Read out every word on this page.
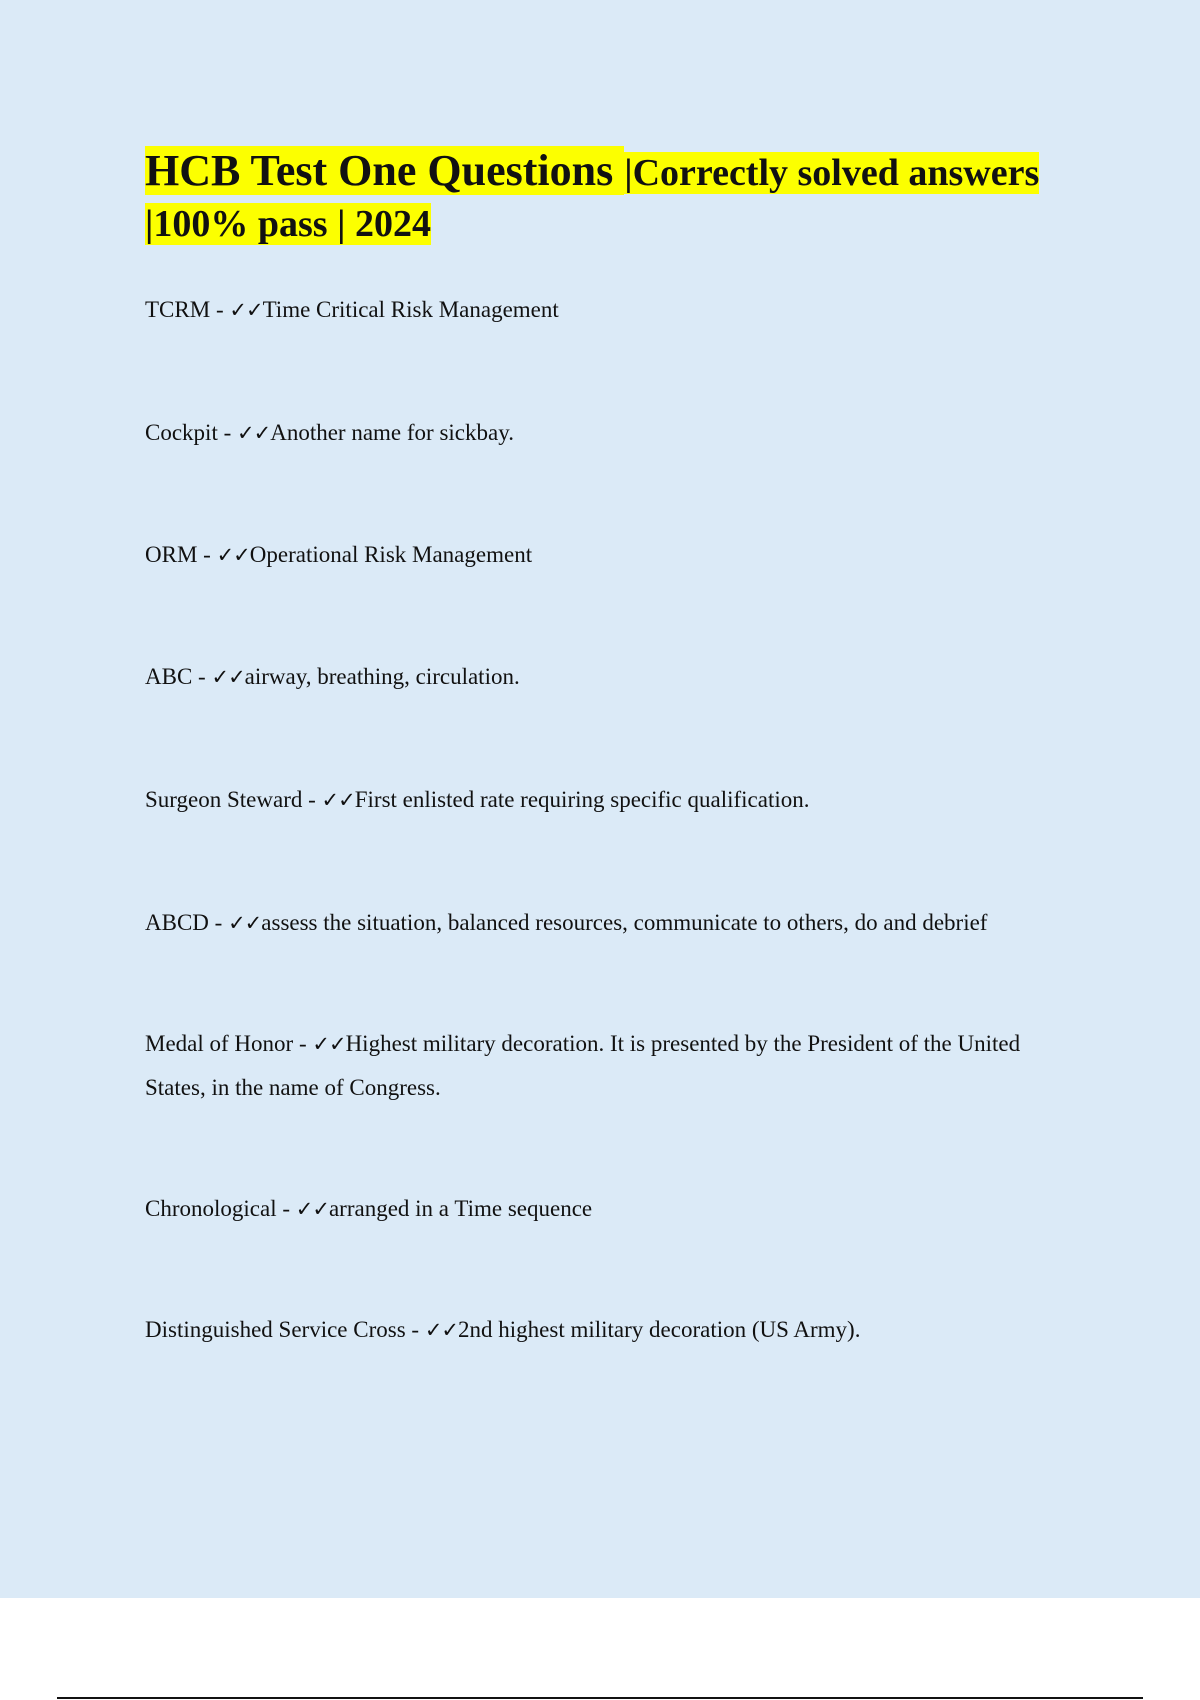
HCB Test One Questions |Correctly solved answers |100% pass | 2024

TCRM - ✓✓Time Critical Risk Management

Cockpit - ✓✓Another name for sickbay.

ORM - ✓✓Operational Risk Management

ABC - ✓✓airway, breathing, circulation.

Surgeon Steward - ✓✓First enlisted rate requiring specific qualification.

ABCD - ✓✓assess the situation, balanced resources, communicate to others, do and debrief

Medal of Honor - ✓✓Highest military decoration. It is presented by the President of the United States, in the name of Congress.

Chronological - ✓✓arranged in a Time sequence

Distinguished Service Cross - ✓✓2nd highest military decoration (US Army).
